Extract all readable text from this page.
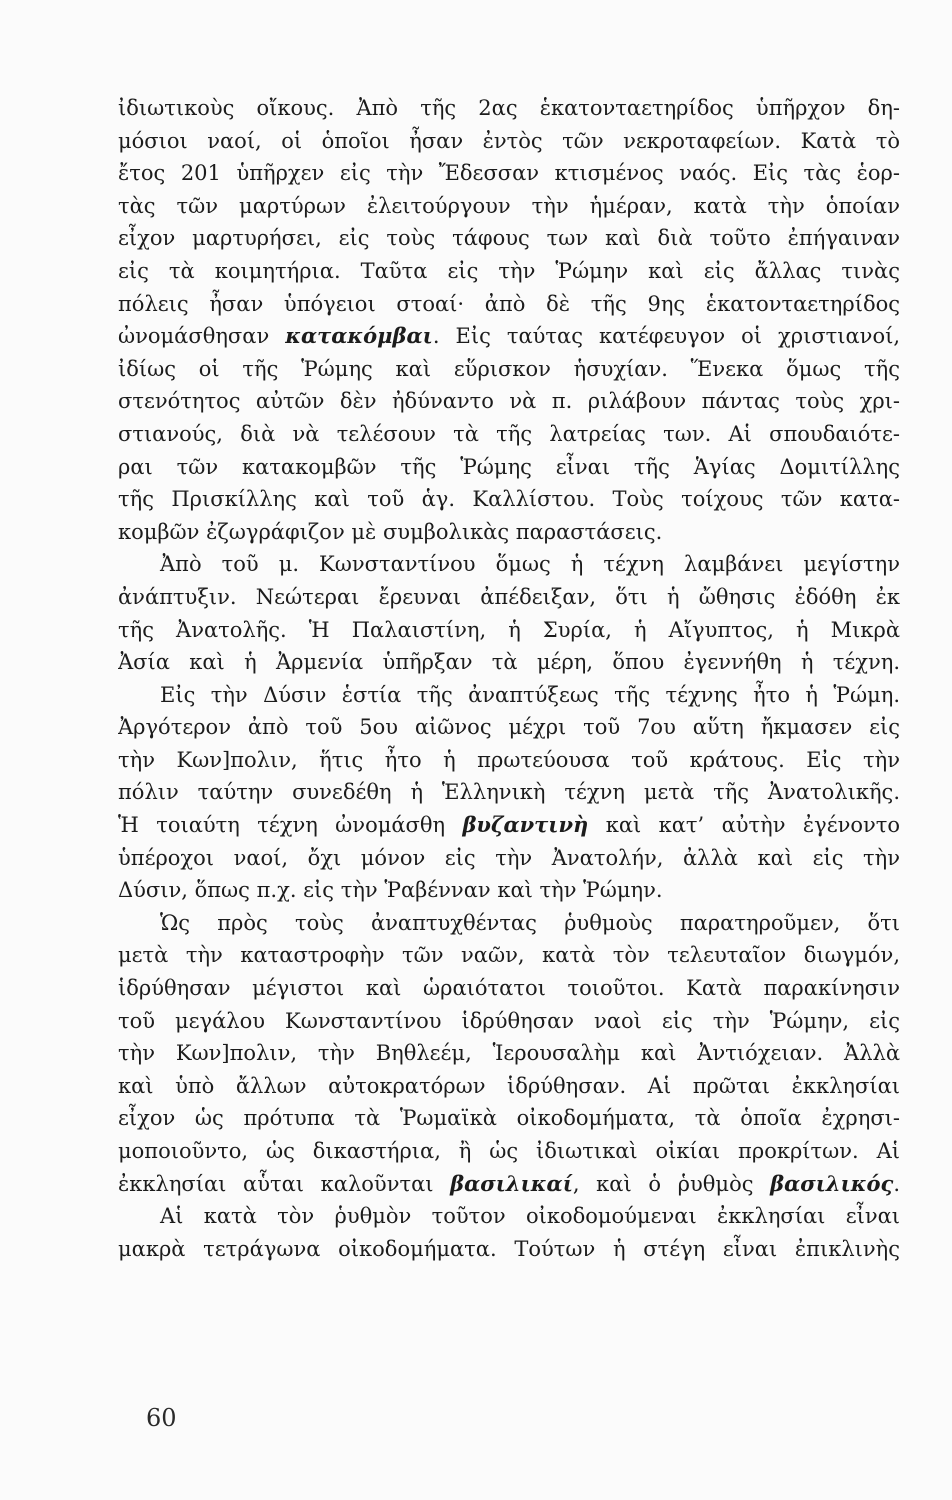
ἰδιωτικοὺς οἴκους. Ἀπὸ τῆς 2ας ἑκατονταετηρίδος ὑπῆρχον δη-
μόσιοι ναοί, οἱ ὁποῖοι ἦσαν ἐντὸς τῶν νεκροταφείων. Κατὰ τὸ
ἔτος 201 ὑπῆρχεν εἰς τὴν Ἔδεσσαν κτισμένος ναός. Εἰς τὰς ἑορ-
τὰς τῶν μαρτύρων ἐλειτούργουν τὴν ἡμέραν, κατὰ τὴν ὁποίαν
εἶχον μαρτυρήσει, εἰς τοὺς τάφους των καὶ διὰ τοῦτο ἐπήγαιναν
εἰς τὰ κοιμητήρια. Ταῦτα εἰς τὴν Ῥώμην καὶ εἰς ἄλλας τινὰς
πόλεις ἦσαν ὑπόγειοι στοαί· ἀπὸ δὲ τῆς 9ης ἑκατονταετηρίδος
ὠνομάσθησαν κατακόμβαι. Εἰς ταύτας κατέφευγον οἱ χριστιανοί,
ἰδίως οἱ τῆς Ῥώμης καὶ εὕρισκον ἡσυχίαν. Ἕνεκα ὅμως τῆς
στενότητος αὐτῶν δὲν ἠδύναντο νὰ π. ριλάβουν πάντας τοὺς χρι-
στιανούς, διὰ νὰ τελέσουν τὰ τῆς λατρείας των. Αἱ σπουδαιότε-
ραι τῶν κατακομβῶν τῆς Ῥώμης εἶναι τῆς Ἁγίας Δομιτίλλης
τῆς Πρισκίλλης καὶ τοῦ ἁγ. Καλλίστου. Τοὺς τοίχους τῶν κατα-
κομβῶν ἐζωγράφιζον μὲ συμβολικὰς παραστάσεις.
Ἀπὸ τοῦ μ. Κωνσταντίνου ὅμως ἡ τέχνη λαμβάνει μεγίστην
ἀνάπτυξιν. Νεώτεραι ἔρευναι ἀπέδειξαν, ὅτι ἡ ὤθησις ἐδόθη ἐκ
τῆς Ἀνατολῆς. Ἡ Παλαιστίνη, ἡ Συρία, ἡ Αἴγυπτος, ἡ Μικρὰ
Ἀσία καὶ ἡ Ἀρμενία ὑπῆρξαν τὰ μέρη, ὅπου ἐγεννήθη ἡ τέχνη.
Εἰς τὴν Δύσιν ἑστία τῆς ἀναπτύξεως τῆς τέχνης ἦτο ἡ Ῥώμη.
Ἀργότερον ἀπὸ τοῦ 5ου αἰῶνος μέχρι τοῦ 7ου αὕτη ἤκμασεν εἰς
τὴν Κων]πολιν, ἥτις ἦτο ἡ πρωτεύουσα τοῦ κράτους. Εἰς τὴν
πόλιν ταύτην συνεδέθη ἡ Ἑλληνικὴ τέχνη μετὰ τῆς Ἀνατολικῆς.
Ἡ τοιαύτη τέχνη ὠνομάσθη βυζαντινὴ καὶ κατ’ αὐτὴν ἐγένοντο
ὑπέροχοι ναοί, ὄχι μόνον εἰς τὴν Ἀνατολήν, ἀλλὰ καὶ εἰς τὴν
Δύσιν, ὅπως π.χ. εἰς τὴν Ῥαβένναν καὶ τὴν Ῥώμην.
Ὡς πρὸς τοὺς ἀναπτυχθέντας ῥυθμοὺς παρατηροῦμεν, ὅτι
μετὰ τὴν καταστροφὴν τῶν ναῶν, κατὰ τὸν τελευταῖον διωγμόν,
ἱδρύθησαν μέγιστοι καὶ ὡραιότατοι τοιοῦτοι. Κατὰ παρακίνησιν
τοῦ μεγάλου Κωνσταντίνου ἱδρύθησαν ναοὶ εἰς τὴν Ῥώμην, εἰς
τὴν Κων]πολιν, τὴν Βηθλεέμ, Ἱερουσαλὴμ καὶ Ἀντιόχειαν. Ἀλλὰ
καὶ ὑπὸ ἄλλων αὐτοκρατόρων ἱδρύθησαν. Αἱ πρῶται ἐκκλησίαι
εἶχον ὡς πρότυπα τὰ Ῥωμαϊκὰ οἰκοδομήματα, τὰ ὁποῖα ἐχρησι-
μοποιοῦντο, ὡς δικαστήρια, ἢ ὡς ἰδιωτικαὶ οἰκίαι προκρίτων. Αἱ
ἐκκλησίαι αὗται καλοῦνται βασιλικαί, καὶ ὁ ῥυθμὸς βασιλικός.
Αἱ κατὰ τὸν ῥυθμὸν τοῦτον οἰκοδομούμεναι ἐκκλησίαι εἶναι
μακρὰ τετράγωνα οἰκοδομήματα. Τούτων ἡ στέγη εἶναι ἐπικλινὴς
60
